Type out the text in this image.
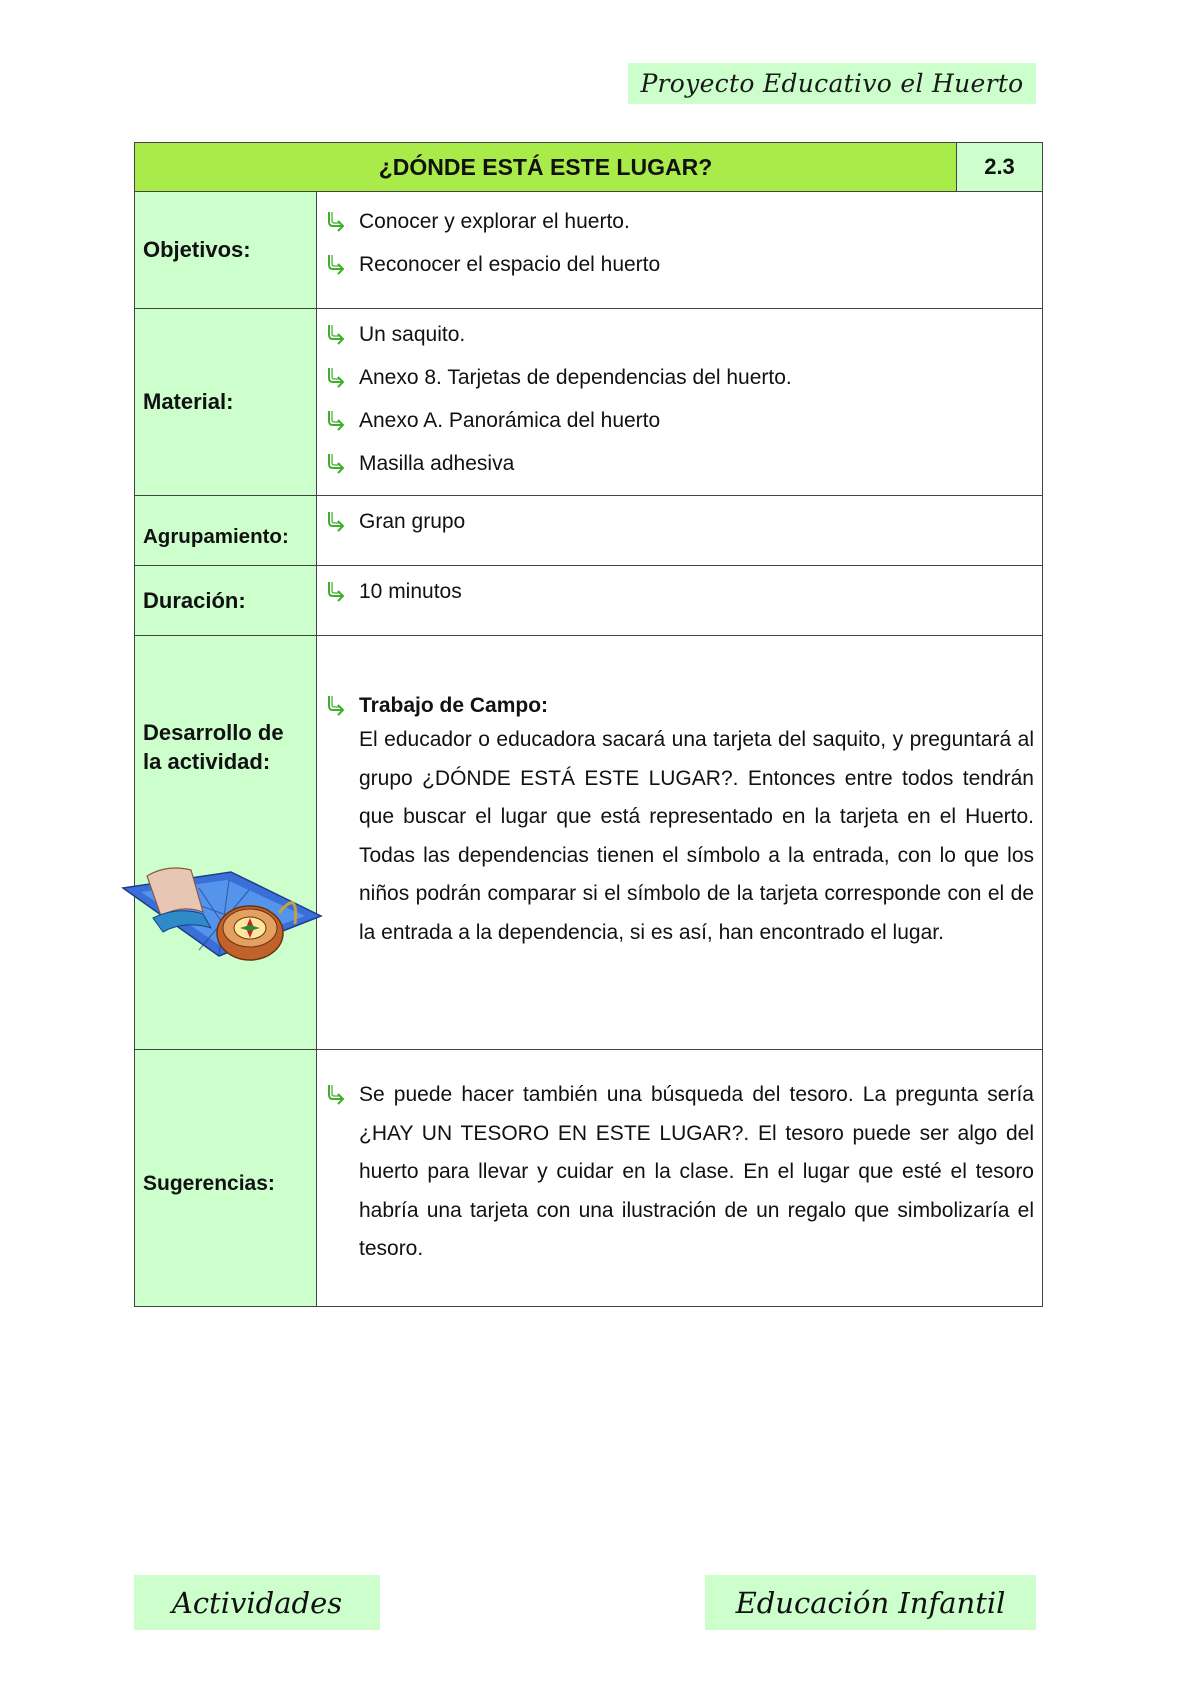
Proyecto Educativo el Huerto
¿DÓNDE ESTÁ ESTE LUGAR?	2.3
Objetivos:
Conocer y explorar el huerto.
Reconocer el espacio del huerto
Material:
Un saquito.
Anexo 8. Tarjetas de dependencias del huerto.
Anexo A. Panorámica del huerto
Masilla adhesiva
Agrupamiento:
Gran grupo
Duración:	10 minutos
Desarrollo de
la actividad:
Trabajo de Campo:
El educador o educadora sacará una tarjeta del saquito, y preguntará al grupo ¿DÓNDE ESTÁ ESTE LUGAR?. Entonces entre todos tendrán que buscar el lugar que está representado en la tarjeta en el Huerto. Todas las dependencias tienen el símbolo a la entrada, con lo que los niños podrán comparar si el símbolo de la tarjeta corresponde con el de la entrada a la dependencia, si es así, han encontrado el lugar.
Sugerencias:
Se puede hacer también una búsqueda del tesoro. La pregunta sería ¿HAY UN TESORO EN ESTE LUGAR?. El tesoro puede ser algo del huerto para llevar y cuidar en la clase. En el lugar que esté el tesoro habría una tarjeta con una ilustración de un regalo que simbolizaría el tesoro.
Actividades	Educación Infantil
